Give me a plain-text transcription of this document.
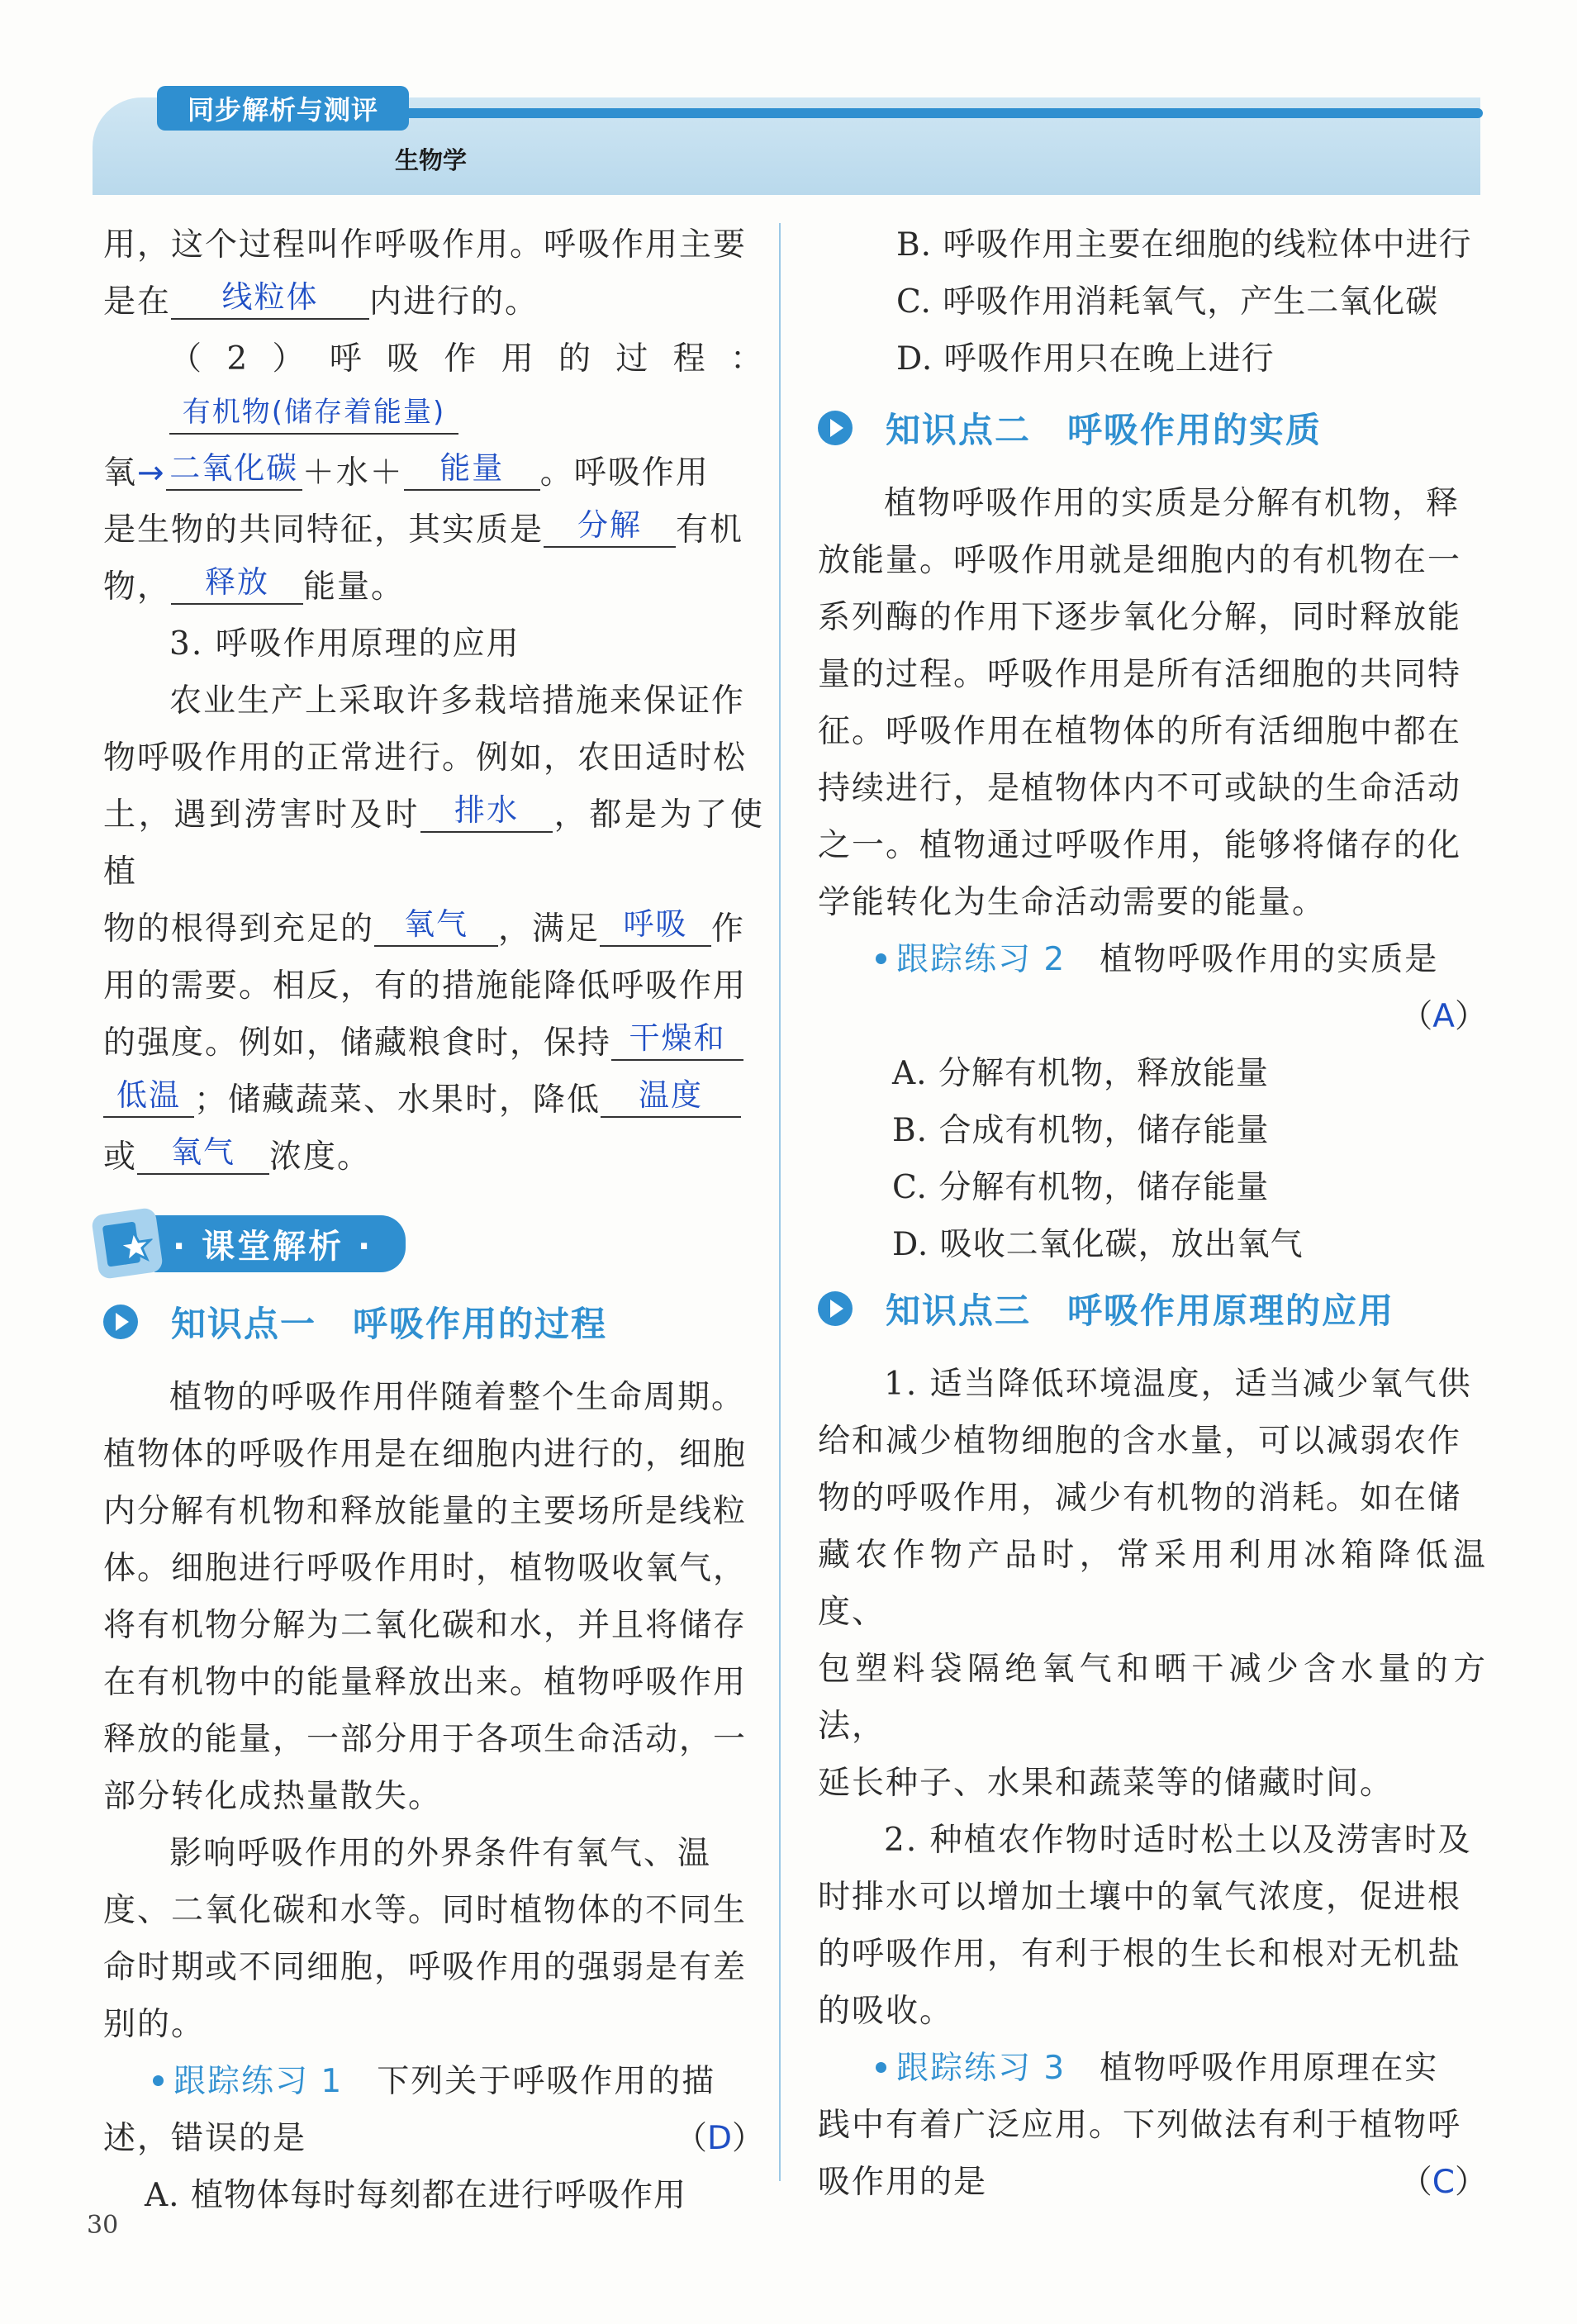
同步解析与测评
生物学

用，这个过程叫作呼吸作用。呼吸作用主要

是在 线粒体 内进行的。

（2）呼吸作用的过程：有机物(储存着能量)

氧→ 二氧化碳 ＋水＋ 能量 。呼吸作用

是生物的共同特征，其实质是 分解 有机

物， 释放 能量。

3. 呼吸作用原理的应用

农业生产上采取许多栽培措施来保证作

物呼吸作用的正常进行。例如，农田适时松

土，遇到涝害时及时 排水 ，都是为了使植

物的根得到充足的 氧气 ，满足 呼吸 作

用的需要。相反，有的措施能降低呼吸作用

的强度。例如，储藏粮食时，保持 干燥和

低温 ；储藏蔬菜、水果时，降低 温度

或 氧气 浓度。

· 课堂解析 ·
知识点一　呼吸作用的过程

植物的呼吸作用伴随着整个生命周期。

植物体的呼吸作用是在细胞内进行的，细胞

内分解有机物和释放能量的主要场所是线粒

体。细胞进行呼吸作用时，植物吸收氧气，

将有机物分解为二氧化碳和水，并且将储存

在有机物中的能量释放出来。植物呼吸作用

释放的能量，一部分用于各项生命活动，一

部分转化成热量散失。

影响呼吸作用的外界条件有氧气、温

度、二氧化碳和水等。同时植物体的不同生

命时期或不同细胞，呼吸作用的强弱是有差

别的。

跟踪练习 1　 下列关于呼吸作用的描

述，错误的是	（D）

A. 植物体每时每刻都在进行呼吸作用

B. 呼吸作用主要在细胞的线粒体中进行

C. 呼吸作用消耗氧气，产生二氧化碳

D. 呼吸作用只在晚上进行

知识点二　呼吸作用的实质

植物呼吸作用的实质是分解有机物，释

放能量。呼吸作用就是细胞内的有机物在一

系列酶的作用下逐步氧化分解，同时释放能

量的过程。呼吸作用是所有活细胞的共同特

征。呼吸作用在植物体的所有活细胞中都在

持续进行，是植物体内不可或缺的生命活动

之一。植物通过呼吸作用，能够将储存的化

学能转化为生命活动需要的能量。

跟踪练习 2　 植物呼吸作用的实质是

（A）

A. 分解有机物，释放能量

B. 合成有机物，储存能量

C. 分解有机物，储存能量

D. 吸收二氧化碳，放出氧气

知识点三　呼吸作用原理的应用

1. 适当降低环境温度，适当减少氧气供

给和减少植物细胞的含水量，可以减弱农作

物的呼吸作用，减少有机物的消耗。如在储

藏农作物产品时，常采用利用冰箱降低温度、

包塑料袋隔绝氧气和晒干减少含水量的方法，

延长种子、水果和蔬菜等的储藏时间。

2. 种植农作物时适时松土以及涝害时及

时排水可以增加土壤中的氧气浓度，促进根

的呼吸作用，有利于根的生长和根对无机盐

的吸收。

跟踪练习 3　 植物呼吸作用原理在实

践中有着广泛应用。下列做法有利于植物呼

吸作用的是	（C）

30
